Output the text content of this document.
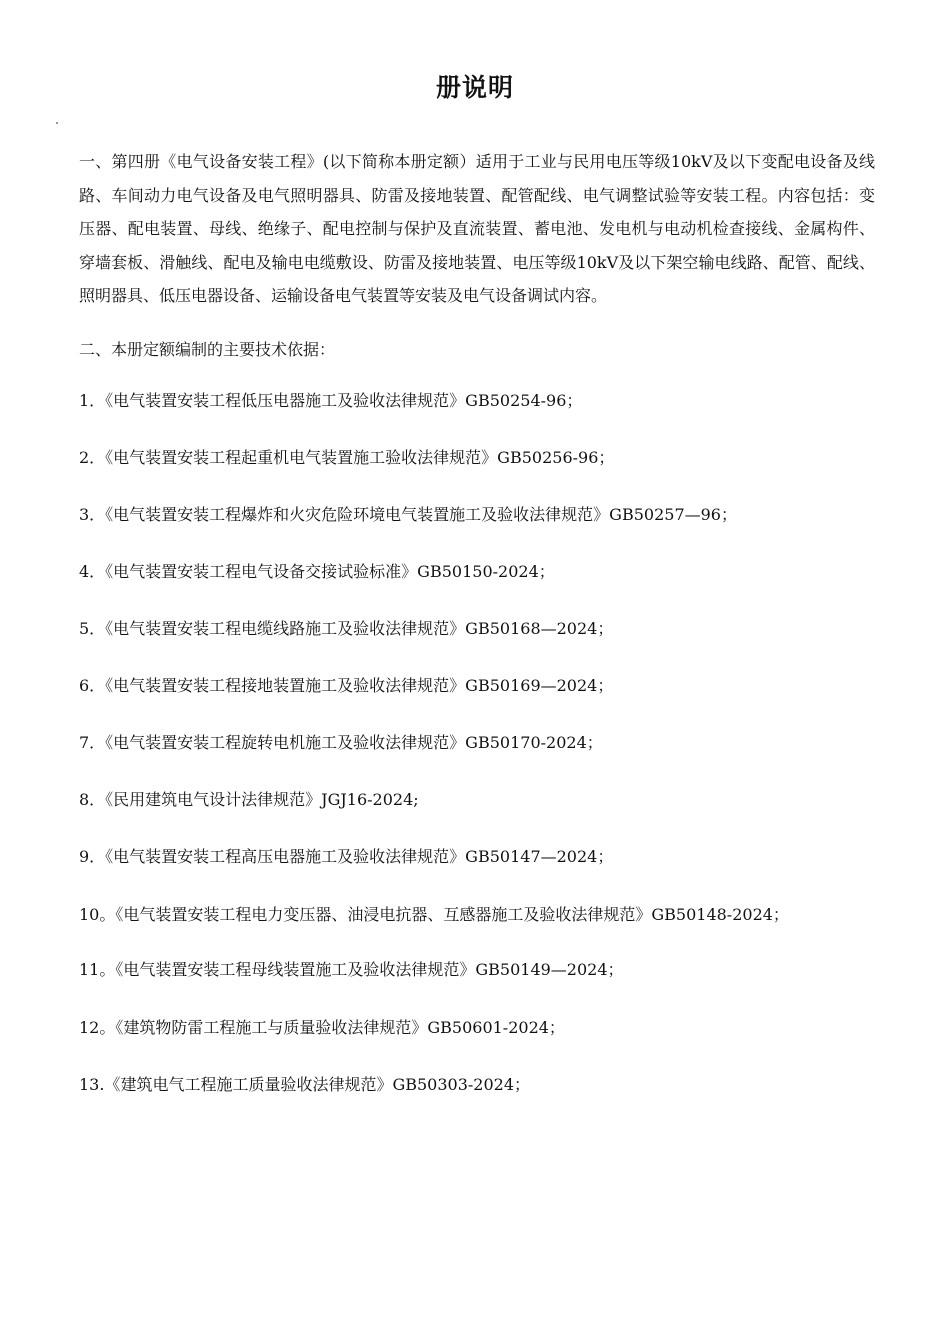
册说明

一、第四册《电气设备安装工程》(以下简称本册定额）适用于工业与民用电压等级10kV及以下变配电设备及线路、车间动力电气设备及电气照明器具、防雷及接地装置、配管配线、电气调整试验等安装工程。内容包括：变压器、配电装置、母线、绝缘子、配电控制与保护及直流装置、蓄电池、发电机与电动机检查接线、金属构件、穿墙套板、滑触线、配电及输电电缆敷设、防雷及接地装置、电压等级10kV及以下架空输电线路、配管、配线、照明器具、低压电器设备、运输设备电气装置等安装及电气设备调试内容。

二、本册定额编制的主要技术依据：

1．《电气装置安装工程低压电器施工及验收法律规范》GB50254-96；
2．《电气装置安装工程起重机电气装置施工验收法律规范》GB50256-96；
3．《电气装置安装工程爆炸和火灾危险环境电气装置施工及验收法律规范》GB50257—96；
4．《电气装置安装工程电气设备交接试验标准》GB50150-2024；
5．《电气装置安装工程电缆线路施工及验收法律规范》GB50168—2024；
6．《电气装置安装工程接地装置施工及验收法律规范》GB50169—2024；
7．《电气装置安装工程旋转电机施工及验收法律规范》GB50170-2024；
8．《民用建筑电气设计法律规范》JGJ16-2024;
9．《电气装置安装工程高压电器施工及验收法律规范》GB50147—2024；
10。《电气装置安装工程电力变压器、油浸电抗器、互感器施工及验收法律规范》GB50148-2024；
11。《电气装置安装工程母线装置施工及验收法律规范》GB50149—2024；
12。《建筑物防雷工程施工与质量验收法律规范》GB50601-2024；
13.《建筑电气工程施工质量验收法律规范》GB50303-2024；
